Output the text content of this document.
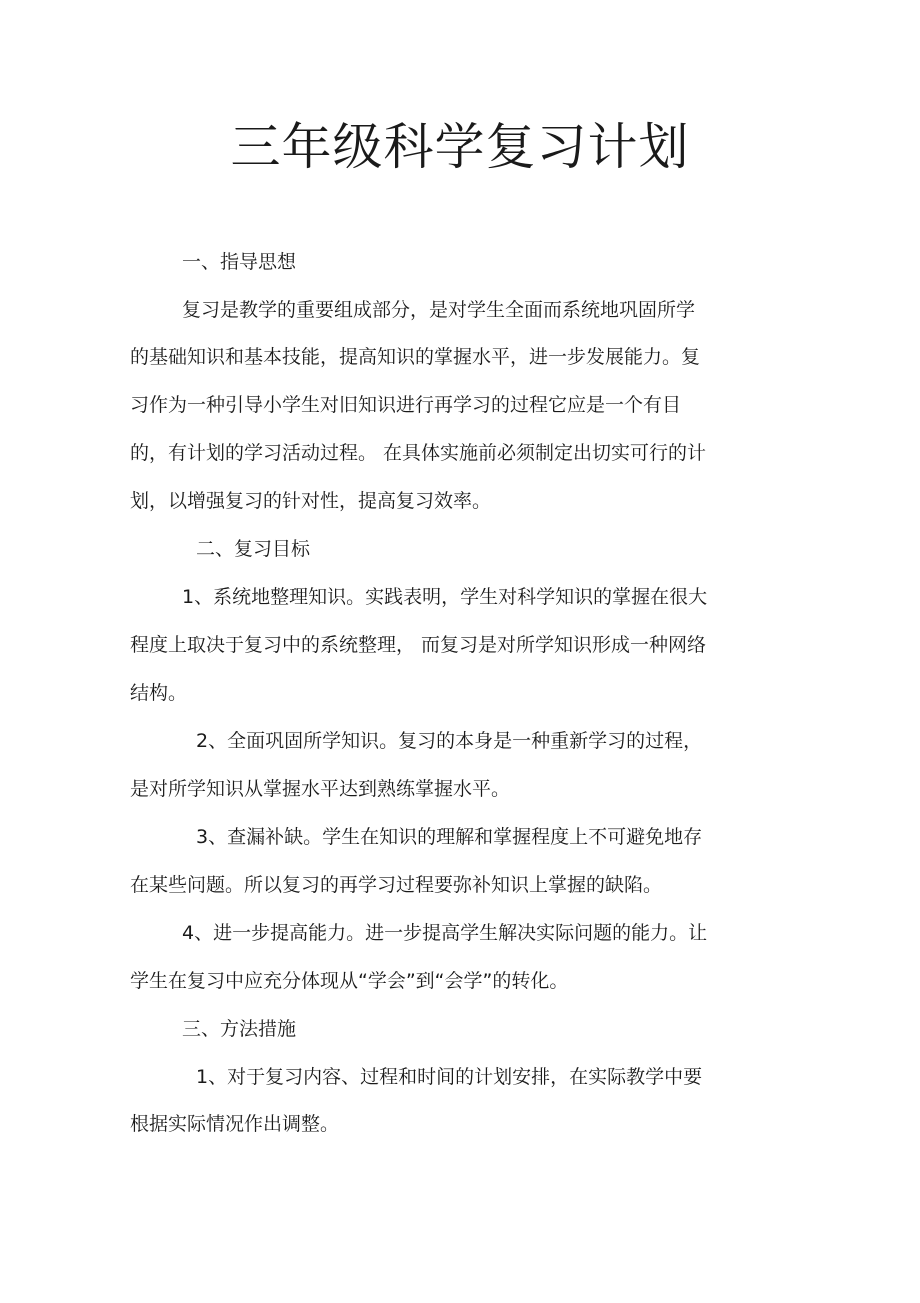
三年级科学复习计划

一、指导思想

复习是教学的重要组成部分，是对学生全面而系统地巩固所学

的基础知识和基本技能，提高知识的掌握水平，进一步发展能力。复

习作为一种引导小学生对旧知识进行再学习的过程它应是一个有目

的，有计划的学习活动过程。 在具体实施前必须制定出切实可行的计

划，以增强复习的针对性，提高复习效率。

二、复习目标

1、系统地整理知识。实践表明，学生对科学知识的掌握在很大

程度上取决于复习中的系统整理， 而复习是对所学知识形成一种网络

结构。

2、全面巩固所学知识。复习的本身是一种重新学习的过程，

是对所学知识从掌握水平达到熟练掌握水平。

3、查漏补缺。学生在知识的理解和掌握程度上不可避免地存

在某些问题。所以复习的再学习过程要弥补知识上掌握的缺陷。

4、进一步提高能力。进一步提高学生解决实际问题的能力。让

学生在复习中应充分体现从“学会”到“会学”的转化。

三、方法措施

1、对于复习内容、过程和时间的计划安排，在实际教学中要

根据实际情况作出调整。
